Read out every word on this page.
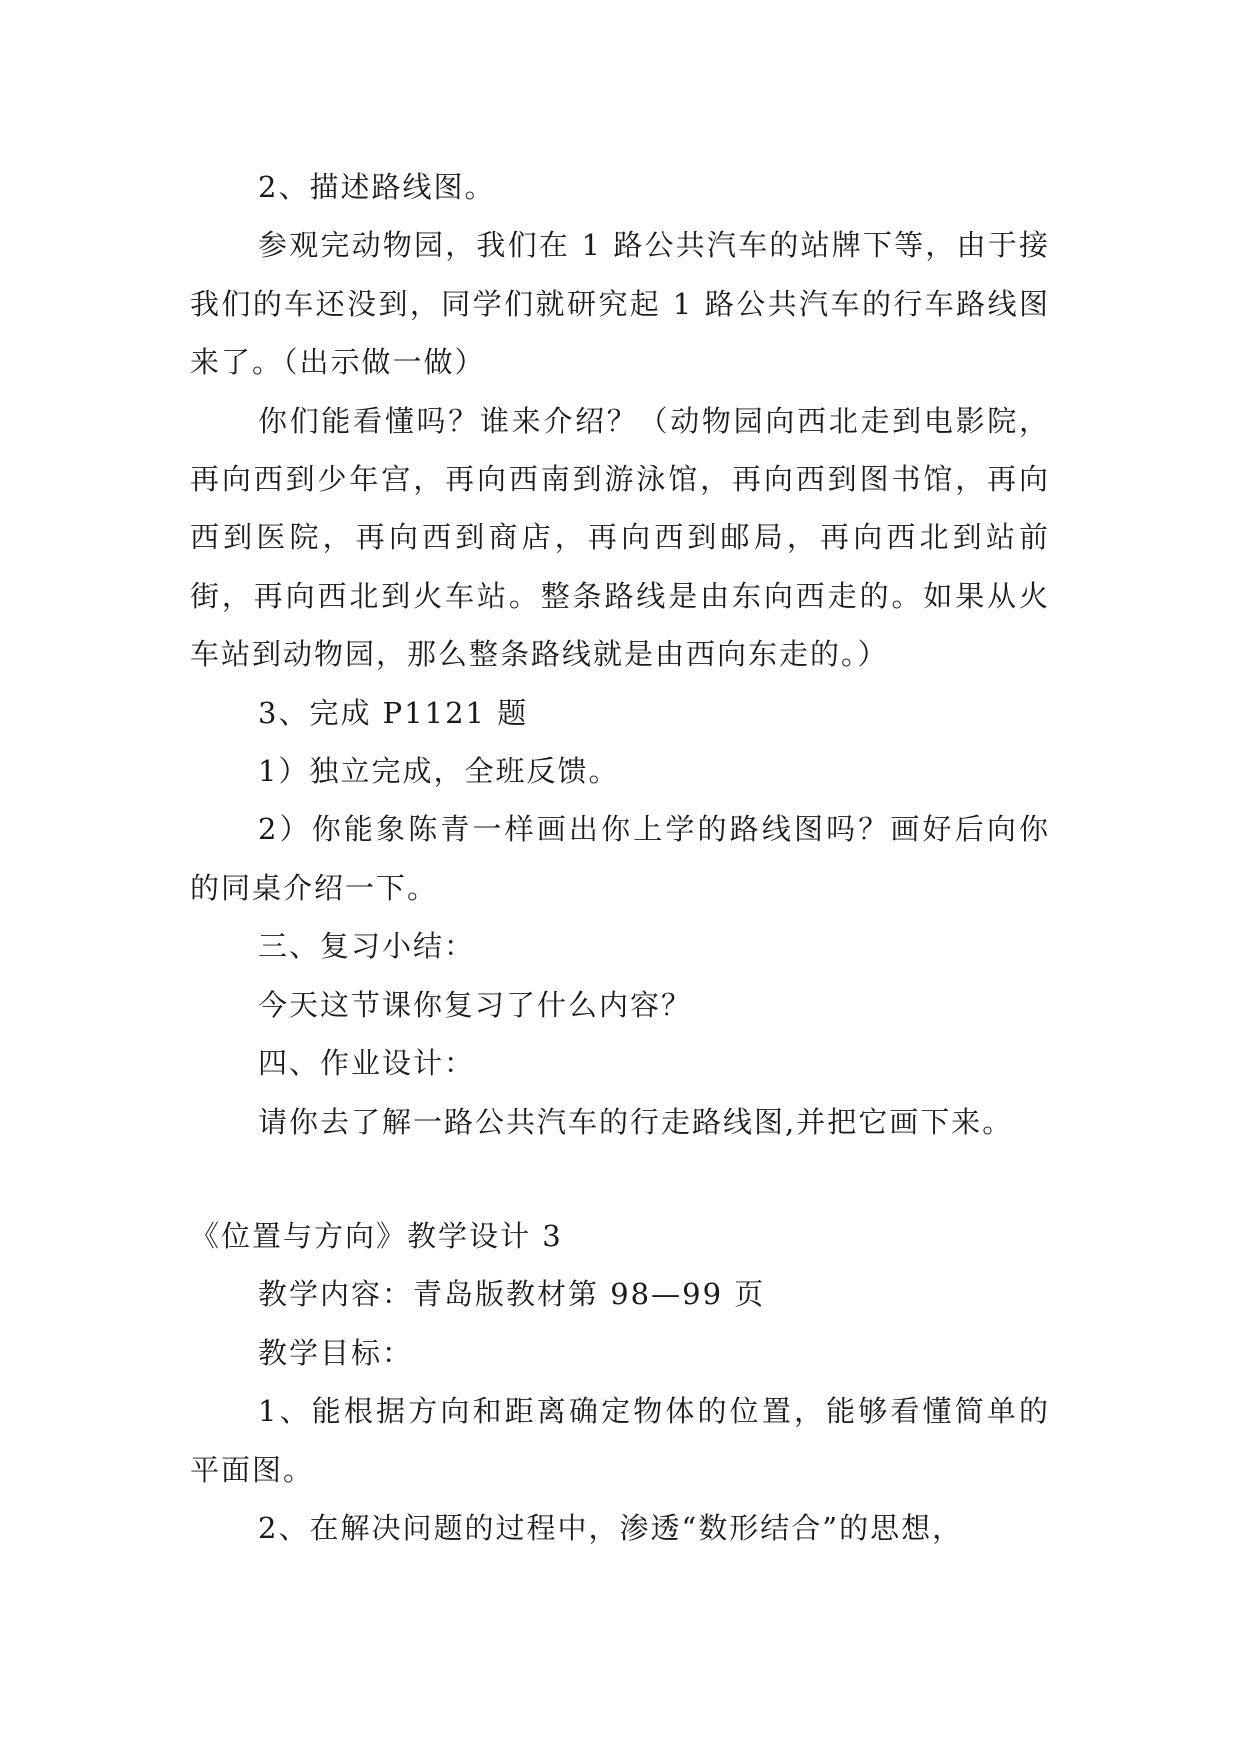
2、描述路线图。

参观完动物园，我们在 1 路公共汽车的站牌下等，由于接我们的车还没到，同学们就研究起 1 路公共汽车的行车路线图来了。（出示做一做）

你们能看懂吗？谁来介绍？（动物园向西北走到电影院，再向西到少年宫，再向西南到游泳馆，再向西到图书馆，再向西到医院，再向西到商店，再向西到邮局，再向西北到站前街，再向西北到火车站。整条路线是由东向西走的。如果从火车站到动物园，那么整条路线就是由西向东走的。）

3、完成 P1121 题

1）独立完成，全班反馈。

2）你能象陈青一样画出你上学的路线图吗？画好后向你的同桌介绍一下。

三、复习小结：

今天这节课你复习了什么内容？

四、作业设计：

请你去了解一路公共汽车的行走路线图,并把它画下来。

《位置与方向》教学设计 3

教学内容：青岛版教材第 98—99 页

教学目标：

1、能根据方向和距离确定物体的位置，能够看懂简单的平面图。

2、在解决问题的过程中，渗透“数形结合”的思想，
